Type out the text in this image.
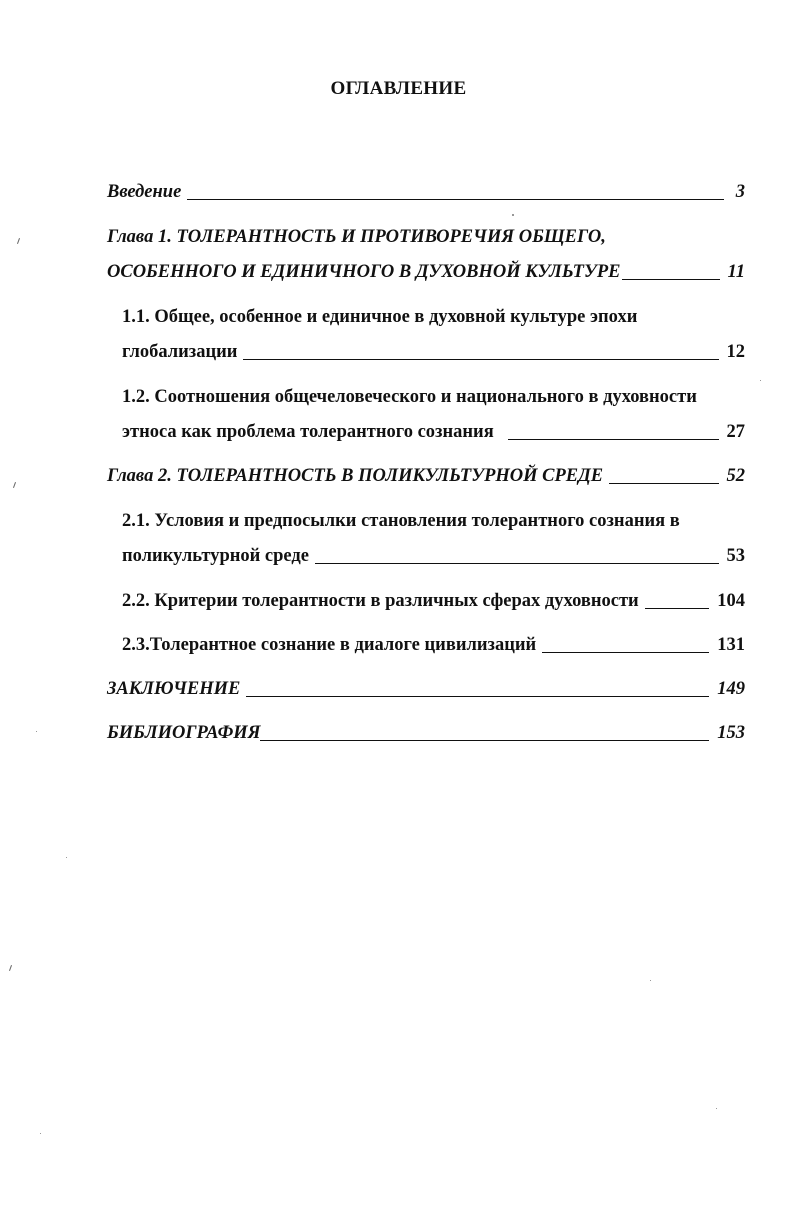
ОГЛАВЛЕНИЕ
Введение	3
Глава 1. ТОЛЕРАНТНОСТЬ И ПРОТИВОРЕЧИЯ ОБЩЕГО,
ОСОБЕННОГО И ЕДИНИЧНОГО В ДУХОВНОЙ КУЛЬТУРЕ	11
1.1. Общее, особенное и единичное в духовной культуре эпохи
глобализации	12
1.2. Соотношения общечеловеческого и национального в духовности
этноса как проблема толерантного сознания	27
Глава 2. ТОЛЕРАНТНОСТЬ В ПОЛИКУЛЬТУРНОЙ СРЕДЕ	52
2.1. Условия и предпосылки становления толерантного сознания в
поликультурной среде	53
2.2. Критерии толерантности в различных сферах духовности	104
2.3.Толерантное сознание в диалоге цивилизаций	131
ЗАКЛЮЧЕНИЕ	149
БИБЛИОГРАФИЯ	153
